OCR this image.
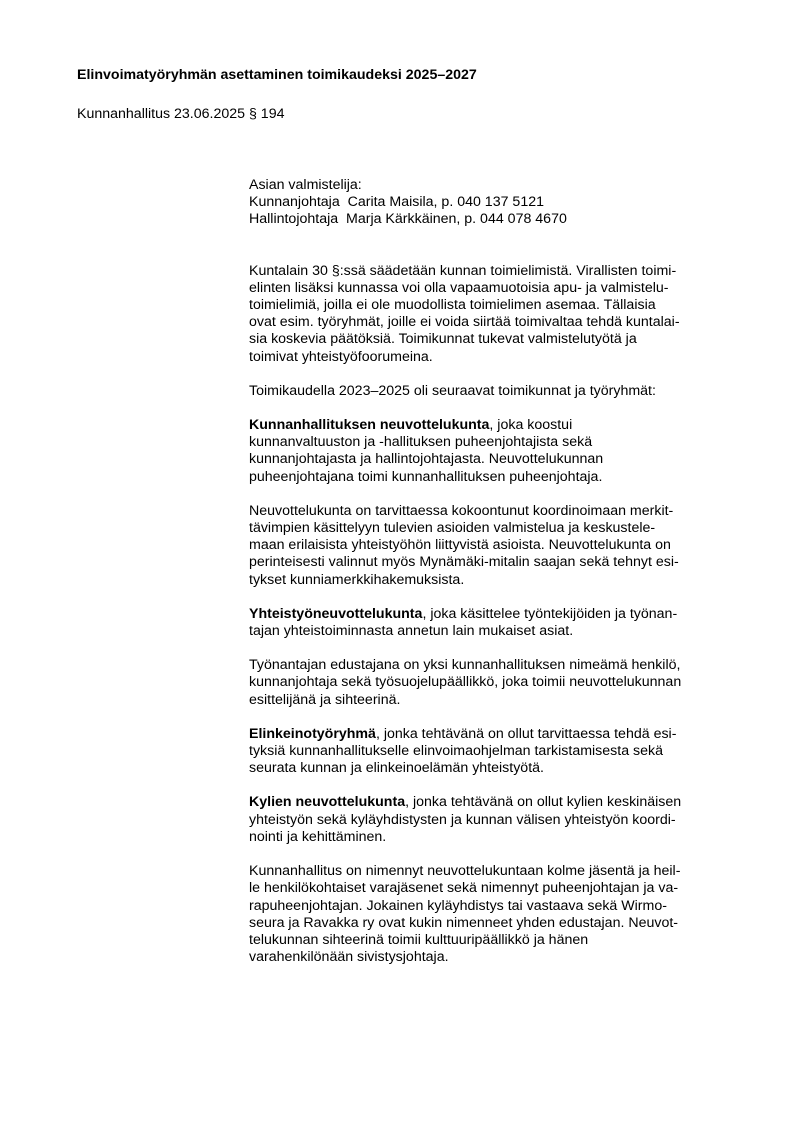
Elinvoimatyöryhmän asettaminen toimikaudeksi 2025–2027
Kunnanhallitus 23.06.2025 § 194
Asian valmistelija:
Kunnanjohtaja  Carita Maisila, p. 040 137 5121
Hallintojohtaja  Marja Kärkkäinen, p. 044 078 4670

Kuntalain 30 §:ssä säädetään kunnan toimielimistä. Virallisten toimi-
elinten lisäksi kunnassa voi olla vapaamuotoisia apu- ja valmistelu-
toimielimiä, joilla ei ole muodollista toimielimen asemaa. Tällaisia
ovat esim. työryhmät, joille ei voida siirtää toimivaltaa tehdä kuntalai-
sia koskevia päätöksiä. Toimikunnat tukevat valmistelutyötä ja
toimivat yhteistyöfoorumeina.

Toimikaudella 2023–2025 oli seuraavat toimikunnat ja työryhmät:

Kunnanhallituksen neuvottelukunta, joka koostui
kunnanvaltuuston ja -hallituksen puheenjohtajista sekä
kunnanjohtajasta ja hallintojohtajasta. Neuvottelukunnan
puheenjohtajana toimi kunnanhallituksen puheenjohtaja.

Neuvottelukunta on tarvittaessa kokoontunut koordinoimaan merkit-
tävimpien käsittelyyn tulevien asioiden valmistelua ja keskustele-
maan erilaisista yhteistyöhön liittyvistä asioista. Neuvottelukunta on
perinteisesti valinnut myös Mynämäki-mitalin saajan sekä tehnyt esi-
tykset kunniamerkkihakemuksista.

Yhteistyöneuvottelukunta, joka käsittelee työntekijöiden ja työnan-
tajan yhteistoiminnasta annetun lain mukaiset asiat.

Työnantajan edustajana on yksi kunnanhallituksen nimeämä henkilö,
kunnanjohtaja sekä työsuojelupäällikkö, joka toimii neuvottelukunnan
esittelijänä ja sihteerinä.

Elinkeinotyöryhmä, jonka tehtävänä on ollut tarvittaessa tehdä esi-
tyksiä kunnanhallitukselle elinvoimaohjelman tarkistamisesta sekä
seurata kunnan ja elinkeinoelämän yhteistyötä.

Kylien neuvottelukunta, jonka tehtävänä on ollut kylien keskinäisen
yhteistyön sekä kyläyhdistysten ja kunnan välisen yhteistyön koordi-
nointi ja kehittäminen.

Kunnanhallitus on nimennyt neuvottelukuntaan kolme jäsentä ja heil-
le henkilökohtaiset varajäsenet sekä nimennyt puheenjohtajan ja va-
rapuheenjohtajan. Jokainen kyläyhdistys tai vastaava sekä Wirmo-
seura ja Ravakka ry ovat kukin nimenneet yhden edustajan. Neuvot-
telukunnan sihteerinä toimii kulttuuripäällikkö ja hänen
varahenkilönään sivistysjohtaja.
